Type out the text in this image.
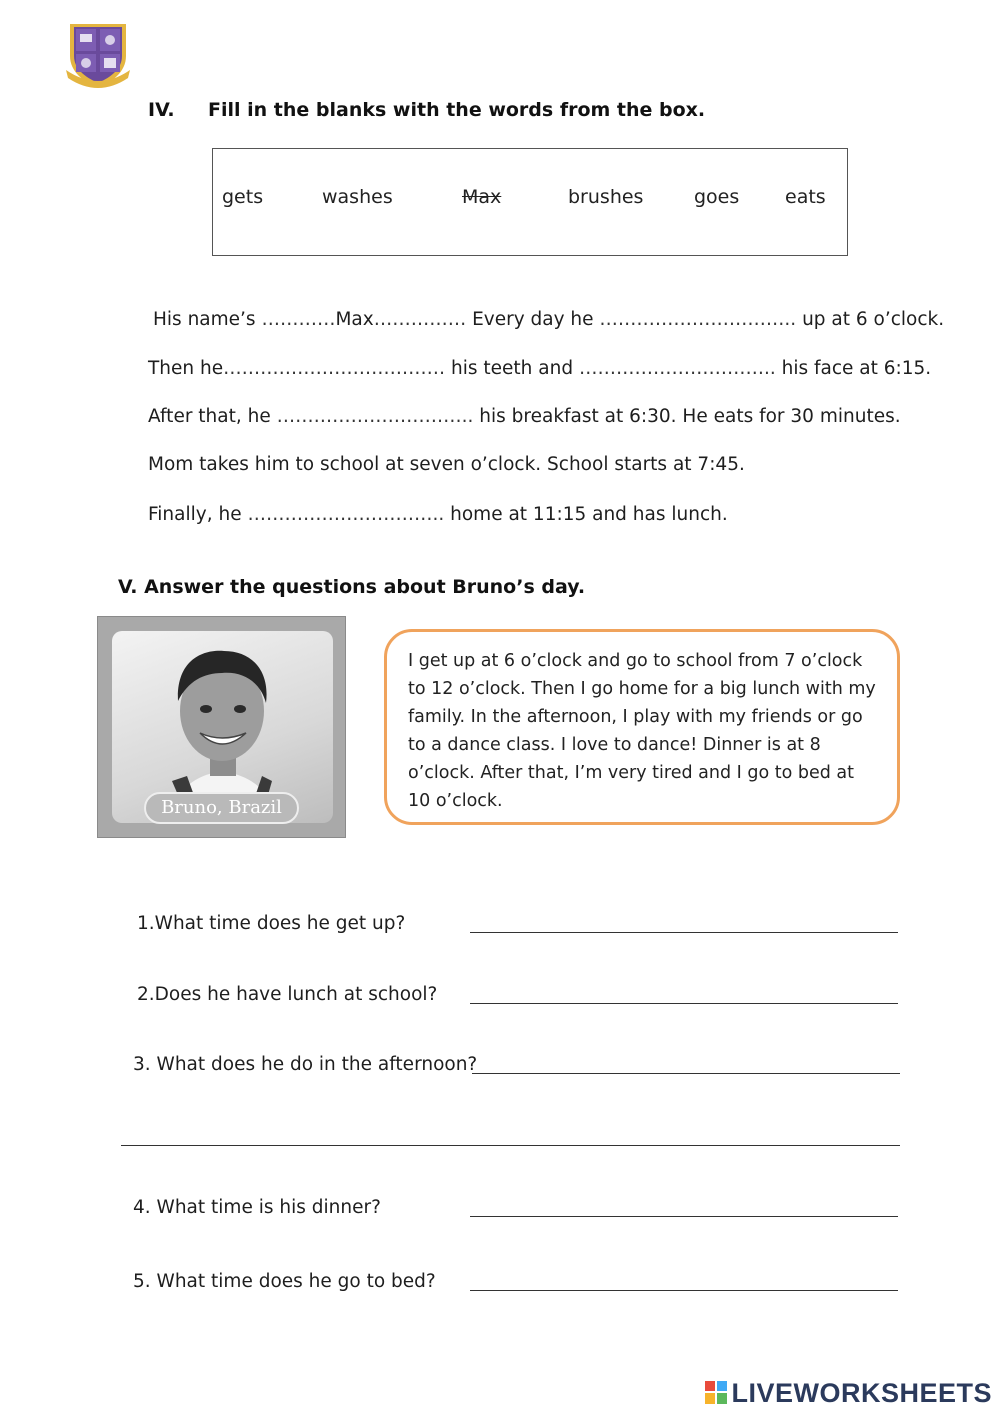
IV. Fill in the blanks with the words from the box.
gets	washes	Max	brushes	goes eats
His name’s …………Max…………… Every day he ………………………….. up at 6 o’clock.
Then he……………………………… his teeth and ………………………….. his face at 6:15.
After that, he ………………………….. his breakfast at 6:30. He eats for 30 minutes.
Mom takes him to school at seven o’clock. School starts at 7:45.
Finally, he ………………………….. home at 11:15 and has lunch.
V. Answer the questions about Bruno’s day.
Bruno, Brazil
I get up at 6 o’clock and go to school from 7 o’clock
to 12 o’clock. Then I go home for a big lunch with my
family. In the afternoon, I play with my friends or go
to a dance class. I love to dance! Dinner is at 8
o’clock. After that, I’m very tired and I go to bed at
10 o’clock.
1.What time does he get up?
2.Does he have lunch at school?
3. What does he do in the afternoon?
4. What time is his dinner?
5. What time does he go to bed?
LIVEWORKSHEETS
